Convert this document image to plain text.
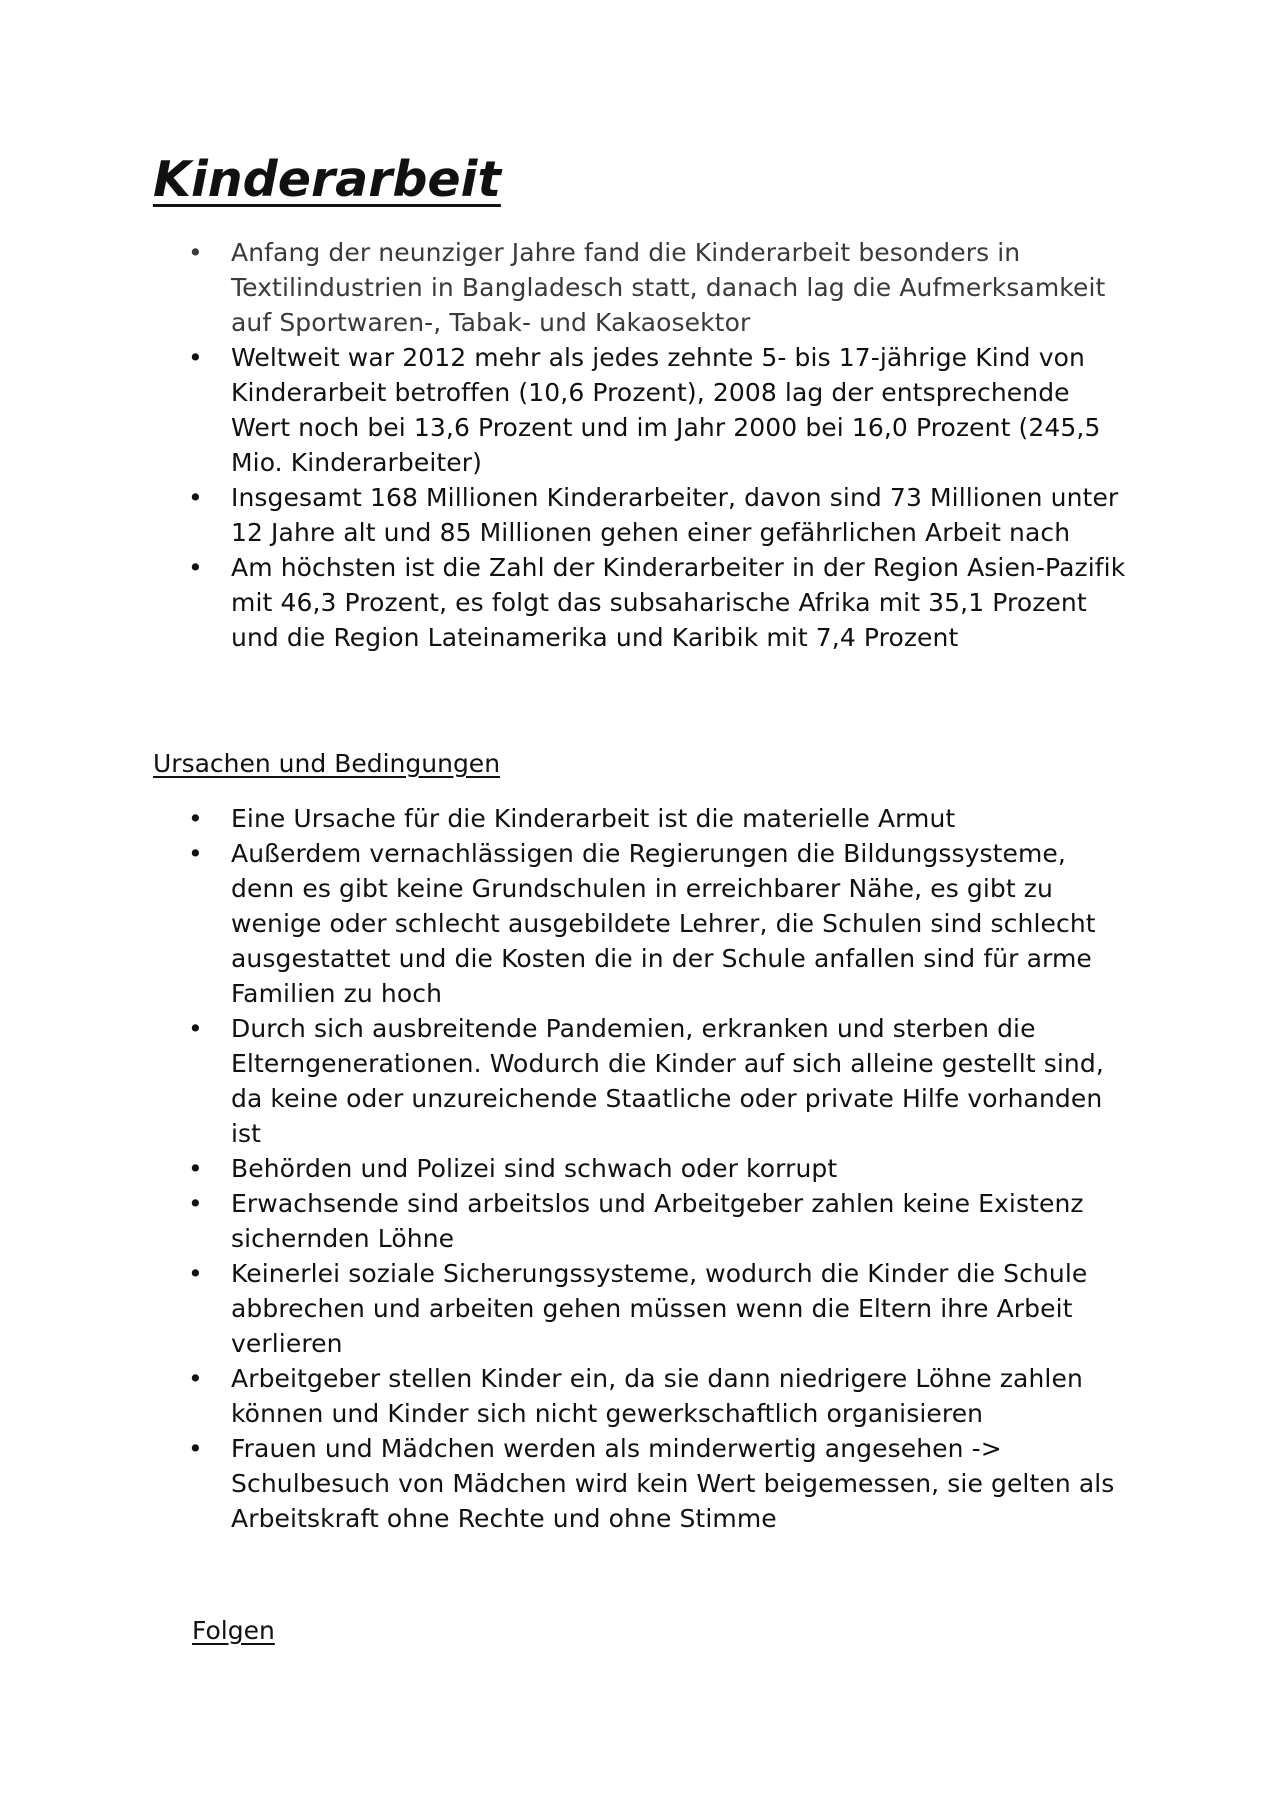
Kinderarbeit
• Anfang der neunziger Jahre fand die Kinderarbeit besonders in Textilindustrien in Bangladesch statt, danach lag die Aufmerksamkeit auf Sportwaren-, Tabak- und Kakaosektor
• Weltweit war 2012 mehr als jedes zehnte 5- bis 17-jährige Kind von Kinderarbeit betroffen (10,6 Prozent), 2008 lag der entsprechende Wert noch bei 13,6 Prozent und im Jahr 2000 bei 16,0 Prozent (245,5 Mio. Kinderarbeiter)
• Insgesamt 168 Millionen Kinderarbeiter, davon sind 73 Millionen unter 12 Jahre alt und 85 Millionen gehen einer gefährlichen Arbeit nach
• Am höchsten ist die Zahl der Kinderarbeiter in der Region Asien-Pazifik mit 46,3 Prozent, es folgt das subsaharische Afrika mit 35,1 Prozent und die Region Lateinamerika und Karibik mit 7,4 Prozent
Ursachen und Bedingungen
• Eine Ursache für die Kinderarbeit ist die materielle Armut
• Außerdem vernachlässigen die Regierungen die Bildungssysteme, denn es gibt keine Grundschulen in erreichbarer Nähe, es gibt zu wenige oder schlecht ausgebildete Lehrer, die Schulen sind schlecht ausgestattet und die Kosten die in der Schule anfallen sind für arme Familien zu hoch
• Durch sich ausbreitende Pandemien, erkranken und sterben die Elterngenerationen. Wodurch die Kinder auf sich alleine gestellt sind, da keine oder unzureichende Staatliche oder private Hilfe vorhanden ist
• Behörden und Polizei sind schwach oder korrupt
• Erwachsende sind arbeitslos und Arbeitgeber zahlen keine Existenz sichernden Löhne
• Keinerlei soziale Sicherungssysteme, wodurch die Kinder die Schule abbrechen und arbeiten gehen müssen wenn die Eltern ihre Arbeit verlieren
• Arbeitgeber stellen Kinder ein, da sie dann niedrigere Löhne zahlen können und Kinder sich nicht gewerkschaftlich organisieren
• Frauen und Mädchen werden als minderwertig angesehen -> Schulbesuch von Mädchen wird kein Wert beigemessen, sie gelten als Arbeitskraft ohne Rechte und ohne Stimme
Folgen
